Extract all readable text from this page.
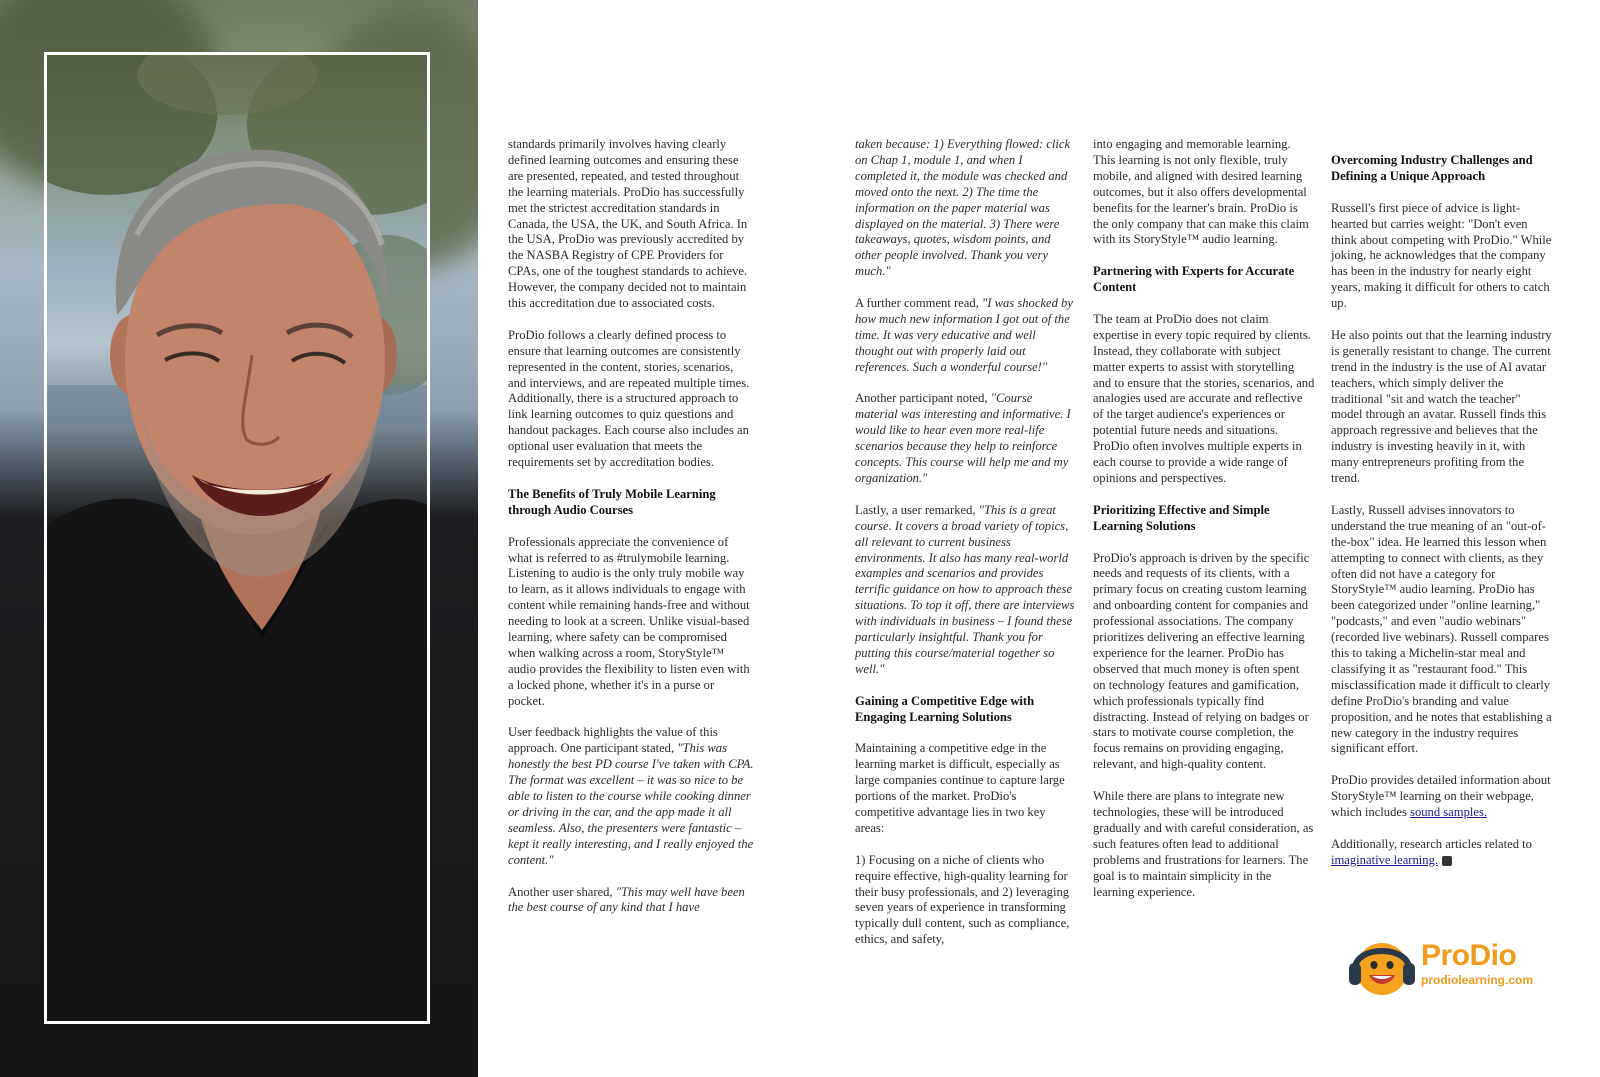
standards primarily involves having clearly defined learning outcomes and ensuring these are presented, repeated, and tested throughout the learning materials. ProDio has successfully met the strictest accreditation standards in Canada, the USA, the UK, and South Africa. In the USA, ProDio was previously accredited by the NASBA Registry of CPE Providers for CPAs, one of the toughest standards to achieve. However, the company decided not to maintain this accreditation due to associated costs.

ProDio follows a clearly defined process to ensure that learning outcomes are consistently represented in the content, stories, scenarios, and interviews, and are repeated multiple times. Additionally, there is a structured approach to link learning outcomes to quiz questions and handout packages. Each course also includes an optional user evaluation that meets the requirements set by accreditation bodies.

The Benefits of Truly Mobile Learning through Audio Courses

Professionals appreciate the convenience of what is referred to as #trulymobile learning. Listening to audio is the only truly mobile way to learn, as it allows individuals to engage with content while remaining hands-free and without needing to look at a screen. Unlike visual-based learning, where safety can be compromised when walking across a room, StoryStyle™ audio provides the flexibility to listen even with a locked phone, whether it's in a purse or pocket.

User feedback highlights the value of this approach. One participant stated, "This was honestly the best PD course I've taken with CPA. The format was excellent – it was so nice to be able to listen to the course while cooking dinner or driving in the car, and the app made it all seamless. Also, the presenters were fantastic – kept it really interesting, and I really enjoyed the content."

Another user shared, "This may well have been the best course of any kind that I have

taken because: 1) Everything flowed: click on Chap 1, module 1, and when I completed it, the module was checked and moved onto the next. 2) The time the information on the paper material was displayed on the material. 3) There were takeaways, quotes, wisdom points, and other people involved. Thank you very much."

A further comment read, "I was shocked by how much new information I got out of the time. It was very educative and well thought out with properly laid out references. Such a wonderful course!"

Another participant noted, "Course material was interesting and informative. I would like to hear even more real-life scenarios because they help to reinforce concepts. This course will help me and my organization."

Lastly, a user remarked, "This is a great course. It covers a broad variety of topics, all relevant to current business environments. It also has many real-world examples and scenarios and provides terrific guidance on how to approach these situations. To top it off, there are interviews with individuals in business – I found these particularly insightful. Thank you for putting this course/material together so well."

Gaining a Competitive Edge with Engaging Learning Solutions

Maintaining a competitive edge in the learning market is difficult, especially as large companies continue to capture large portions of the market. ProDio's competitive advantage lies in two key areas:

1) Focusing on a niche of clients who require effective, high-quality learning for their busy professionals, and 2) leveraging seven years of experience in transforming typically dull content, such as compliance, ethics, and safety,

into engaging and memorable learning. This learning is not only flexible, truly mobile, and aligned with desired learning outcomes, but it also offers developmental benefits for the learner's brain. ProDio is the only company that can make this claim with its StoryStyle™ audio learning.

Partnering with Experts for Accurate Content

The team at ProDio does not claim expertise in every topic required by clients. Instead, they collaborate with subject matter experts to assist with storytelling and to ensure that the stories, scenarios, and analogies used are accurate and reflective of the target audience's experiences or potential future needs and situations. ProDio often involves multiple experts in each course to provide a wide range of opinions and perspectives.

Prioritizing Effective and Simple Learning Solutions

ProDio's approach is driven by the specific needs and requests of its clients, with a primary focus on creating custom learning and onboarding content for companies and professional associations. The company prioritizes delivering an effective learning experience for the learner. ProDio has observed that much money is often spent on technology features and gamification, which professionals typically find distracting. Instead of relying on badges or stars to motivate course completion, the focus remains on providing engaging, relevant, and high-quality content.

While there are plans to integrate new technologies, these will be introduced gradually and with careful consideration, as such features often lead to additional problems and frustrations for learners. The goal is to maintain simplicity in the learning experience.

Overcoming Industry Challenges and Defining a Unique Approach

Russell's first piece of advice is light-hearted but carries weight: "Don't even think about competing with ProDio." While joking, he acknowledges that the company has been in the industry for nearly eight years, making it difficult for others to catch up.

He also points out that the learning industry is generally resistant to change. The current trend in the industry is the use of AI avatar teachers, which simply deliver the traditional "sit and watch the teacher" model through an avatar. Russell finds this approach regressive and believes that the industry is investing heavily in it, with many entrepreneurs profiting from the trend.

Lastly, Russell advises innovators to understand the true meaning of an "out-of-the-box" idea. He learned this lesson when attempting to connect with clients, as they often did not have a category for StoryStyle™ audio learning. ProDio has been categorized under "online learning," "podcasts," and even "audio webinars" (recorded live webinars). Russell compares this to taking a Michelin-star meal and classifying it as "restaurant food." This misclassification made it difficult to clearly define ProDio's branding and value proposition, and he notes that establishing a new category in the industry requires significant effort.

ProDio provides detailed information about StoryStyle™ learning on their webpage, which includes sound samples.

Additionally, research articles related to imaginative learning.

ProDio
prodiolearning.com
